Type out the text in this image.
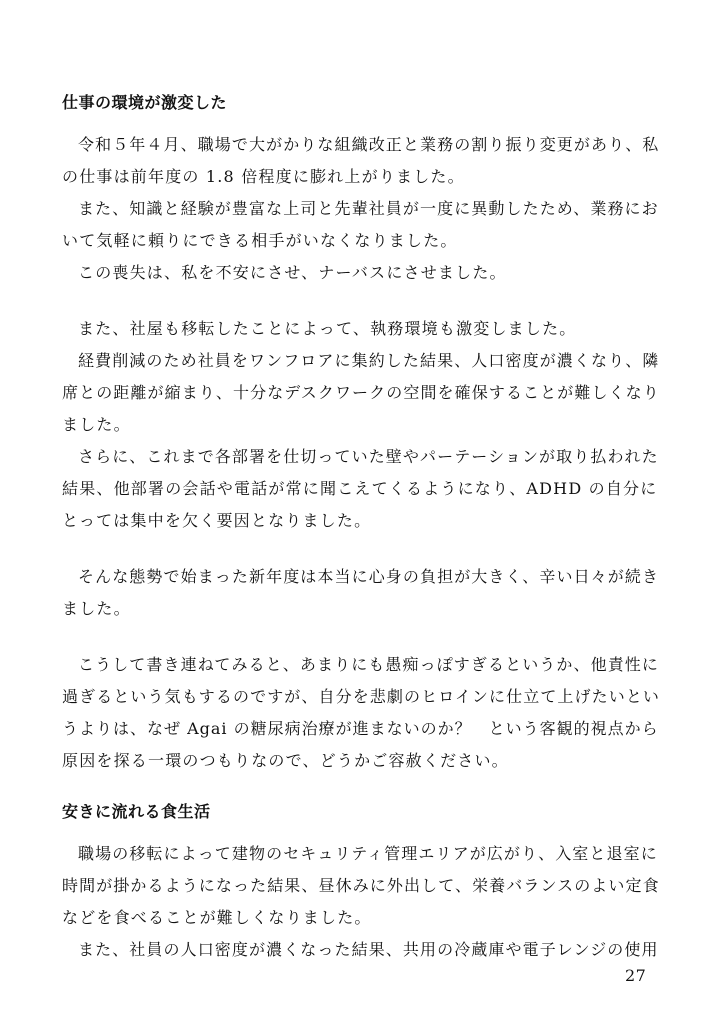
仕事の環境が激変した
令和５年４月、職場で大がかりな組織改正と業務の割り振り変更があり、私
の仕事は前年度の 1.8 倍程度に膨れ上がりました。
また、知識と経験が豊富な上司と先輩社員が一度に異動したため、業務にお
いて気軽に頼りにできる相手がいなくなりました。
この喪失は、私を不安にさせ、ナーバスにさせました。
また、社屋も移転したことによって、執務環境も激変しました。
経費削減のため社員をワンフロアに集約した結果、人口密度が濃くなり、隣
席との距離が縮まり、十分なデスクワークの空間を確保することが難しくなり
ました。
さらに、これまで各部署を仕切っていた壁やパーテーションが取り払われた
結果、他部署の会話や電話が常に聞こえてくるようになり、ADHD の自分に
とっては集中を欠く要因となりました。
そんな態勢で始まった新年度は本当に心身の負担が大きく、辛い日々が続き
ました。
こうして書き連ねてみると、あまりにも愚痴っぽすぎるというか、他責性に
過ぎるという気もするのですが、自分を悲劇のヒロインに仕立て上げたいとい
うよりは、なぜ Agai の糖尿病治療が進まないのか？　という客観的視点から
原因を探る一環のつもりなので、どうかご容赦ください。
安きに流れる食生活
職場の移転によって建物のセキュリティ管理エリアが広がり、入室と退室に
時間が掛かるようになった結果、昼休みに外出して、栄養バランスのよい定食
などを食べることが難しくなりました。
また、社員の人口密度が濃くなった結果、共用の冷蔵庫や電子レンジの使用
27
